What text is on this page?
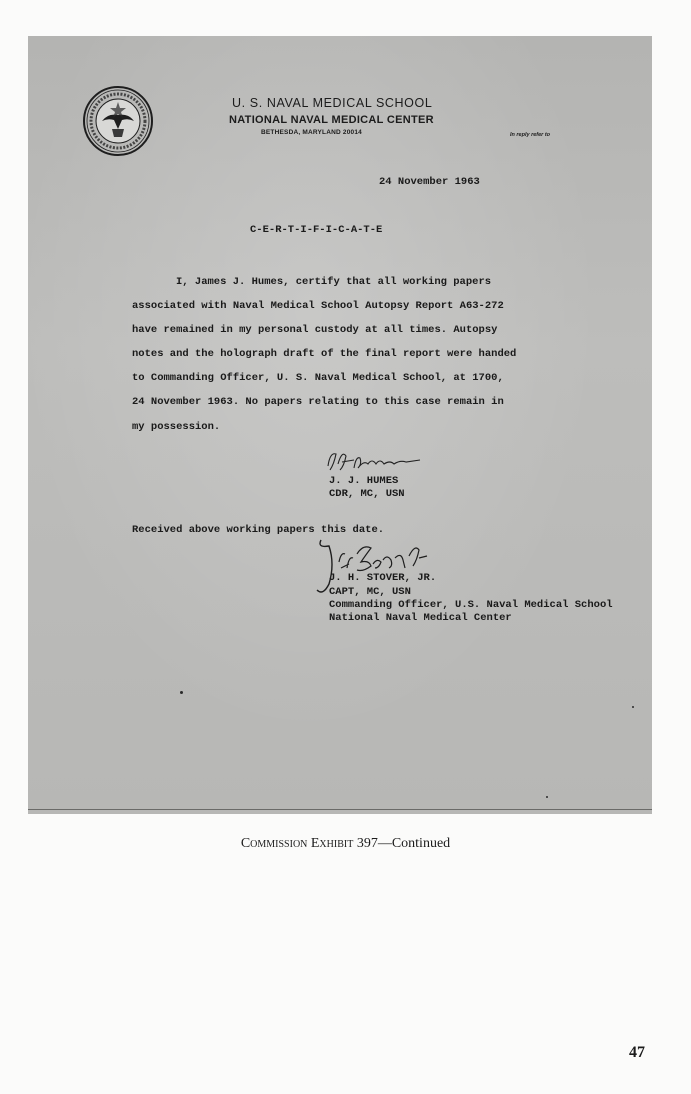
U. S. NAVAL MEDICAL SCHOOL
NATIONAL NAVAL MEDICAL CENTER
BETHESDA, MARYLAND 20014	In reply refer to
24 November 1963
C-E-R-T-I-F-I-C-A-T-E
I, James J. Humes, certify that all working papers
associated with Naval Medical School Autopsy Report A63-272
have remained in my personal custody at all times. Autopsy
notes and the holograph draft of the final report were handed
to Commanding Officer, U. S. Naval Medical School, at 1700,
24 November 1963. No papers relating to this case remain in
my possession.
J. J. HUMES
CDR, MC, USN
Received above working papers this date.
J. H. STOVER, JR.
CAPT, MC, USN
Commanding Officer, U.S. Naval Medical School
National Naval Medical Center
Commission Exhibit 397—Continued
47
